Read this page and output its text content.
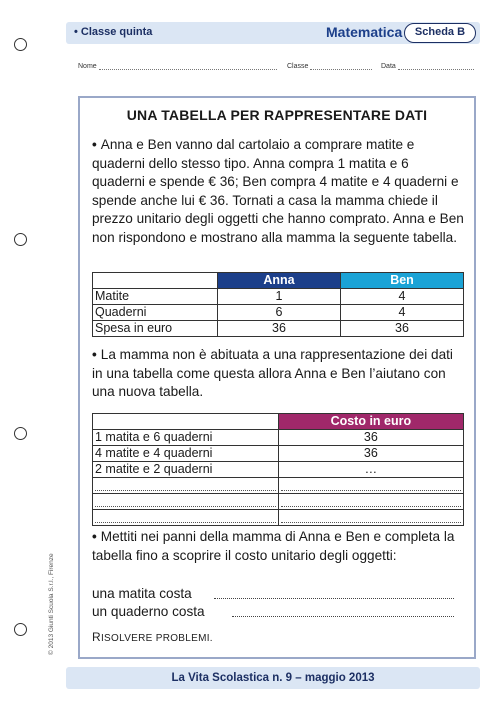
• Classe quinta	Matematica	Scheda B
Nome	Classe	Data
UNA TABELLA PER RAPPRESENTARE DATI
• Anna e Ben vanno dal cartolaio a comprare matite e quaderni dello stesso tipo. Anna compra 1 matita e 6 quaderni e spende € 36; Ben compra 4 matite e 4 quaderni e spende anche lui € 36. Tornati a casa la mamma chiede il prezzo unitario degli oggetti che hanno comprato. Anna e Ben non rispondono e mostrano alla mamma la seguente tabella.
	Anna	Ben
Matite	1	4
Quaderni	6	4
Spesa in euro	36	36
• La mamma non è abituata a una rappresentazione dei dati in una tabella come questa allora Anna e Ben l’aiutano con una nuova tabella.
	Costo in euro
1 matita e 6 quaderni	36
4 matite e 4 quaderni	36
2 matite e 2 quaderni	…

• Mettiti nei panni della mamma di Anna e Ben e completa la tabella fino a scoprire il costo unitario degli oggetti:
una matita costa
un quaderno costa
RISOLVERE PROBLEMI.
© 2013 Giunti Scuola S.r.l., Firenze
La Vita Scolastica n. 9 – maggio 2013
